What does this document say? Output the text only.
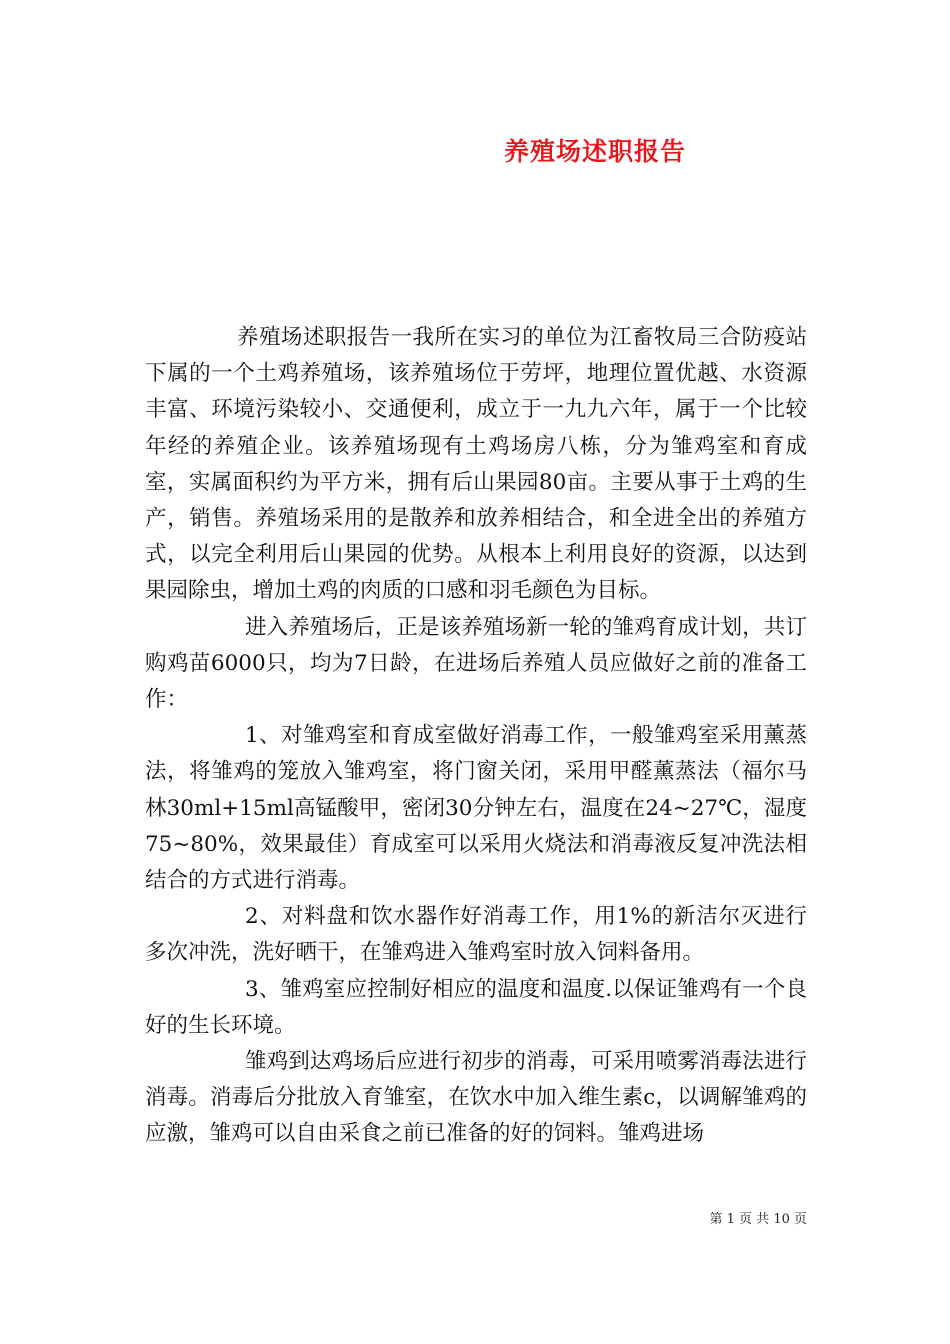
养殖场述职报告

养殖场述职报告一我所在实习的单位为江畜牧局三合防疫站下属的一个土鸡养殖场，该养殖场位于劳坪，地理位置优越、水资源丰富、环境污染较小、交通便利，成立于一九九六年，属于一个比较年经的养殖企业。该养殖场现有土鸡场房八栋，分为雏鸡室和育成室，实属面积约为平方米，拥有后山果园80亩。主要从事于土鸡的生产，销售。养殖场采用的是散养和放养相结合，和全进全出的养殖方式，以完全利用后山果园的优势。从根本上利用良好的资源，以达到果园除虫，增加土鸡的肉质的口感和羽毛颜色为目标。

进入养殖场后，正是该养殖场新一轮的雏鸡育成计划，共订购鸡苗6000只，均为7日龄，在进场后养殖人员应做好之前的准备工作：

1、对雏鸡室和育成室做好消毒工作，一般雏鸡室采用薰蒸法，将雏鸡的笼放入雏鸡室，将门窗关闭，采用甲醛薰蒸法（福尔马林30ml+15ml高锰酸甲，密闭30分钟左右，温度在24~27℃，湿度75~80%，效果最佳）育成室可以采用火烧法和消毒液反复冲洗法相结合的方式进行消毒。

2、对料盘和饮水器作好消毒工作，用1%的新洁尔灭进行多次冲洗，洗好晒干，在雏鸡进入雏鸡室时放入饲料备用。

3、雏鸡室应控制好相应的温度和温度.以保证雏鸡有一个良好的生长环境。

雏鸡到达鸡场后应进行初步的消毒，可采用喷雾消毒法进行消毒。消毒后分批放入育雏室，在饮水中加入维生素c，以调解雏鸡的应激，雏鸡可以自由采食之前已准备的好的饲料。雏鸡进场

第 1 页 共 10 页
